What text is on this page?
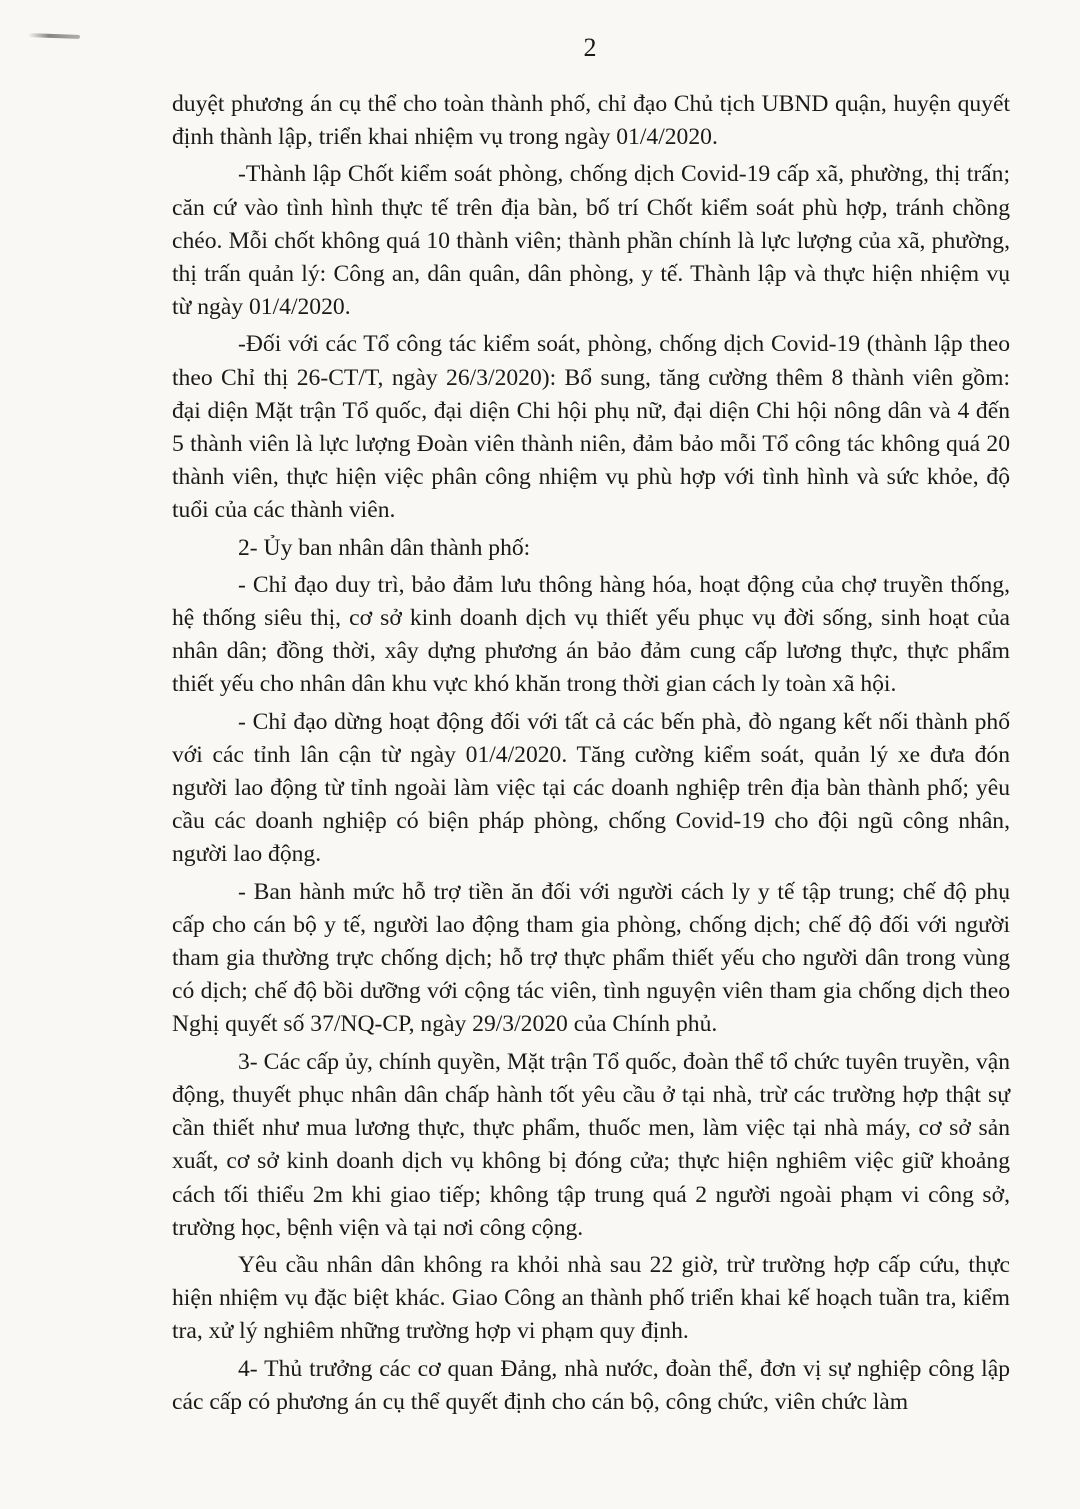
2

duyệt phương án cụ thể cho toàn thành phố, chỉ đạo Chủ tịch UBND quận, huyện quyết định thành lập, triển khai nhiệm vụ trong ngày 01/4/2020.

-Thành lập Chốt kiểm soát phòng, chống dịch Covid-19 cấp xã, phường, thị trấn; căn cứ vào tình hình thực tế trên địa bàn, bố trí Chốt kiểm soát phù hợp, tránh chồng chéo. Mỗi chốt không quá 10 thành viên; thành phần chính là lực lượng của xã, phường, thị trấn quản lý: Công an, dân quân, dân phòng, y tế. Thành lập và thực hiện nhiệm vụ từ ngày 01/4/2020.

-Đối với các Tổ công tác kiểm soát, phòng, chống dịch Covid-19 (thành lập theo theo Chỉ thị 26-CT/T, ngày 26/3/2020): Bổ sung, tăng cường thêm 8 thành viên gồm: đại diện Mặt trận Tổ quốc, đại diện Chi hội phụ nữ, đại diện Chi hội nông dân và 4 đến 5 thành viên là lực lượng Đoàn viên thành niên, đảm bảo mỗi Tổ công tác không quá 20 thành viên, thực hiện việc phân công nhiệm vụ phù hợp với tình hình và sức khỏe, độ tuổi của các thành viên.

2- Ủy ban nhân dân thành phố:

- Chỉ đạo duy trì, bảo đảm lưu thông hàng hóa, hoạt động của chợ truyền thống, hệ thống siêu thị, cơ sở kinh doanh dịch vụ thiết yếu phục vụ đời sống, sinh hoạt của nhân dân; đồng thời, xây dựng phương án bảo đảm cung cấp lương thực, thực phẩm thiết yếu cho nhân dân khu vực khó khăn trong thời gian cách ly toàn xã hội.

- Chỉ đạo dừng hoạt động đối với tất cả các bến phà, đò ngang kết nối thành phố với các tỉnh lân cận từ ngày 01/4/2020. Tăng cường kiểm soát, quản lý xe đưa đón người lao động từ tỉnh ngoài làm việc tại các doanh nghiệp trên địa bàn thành phố; yêu cầu các doanh nghiệp có biện pháp phòng, chống Covid-19 cho đội ngũ công nhân, người lao động.

- Ban hành mức hỗ trợ tiền ăn đối với người cách ly y tế tập trung; chế độ phụ cấp cho cán bộ y tế, người lao động tham gia phòng, chống dịch; chế độ đối với người tham gia thường trực chống dịch; hỗ trợ thực phẩm thiết yếu cho người dân trong vùng có dịch; chế độ bồi dưỡng với cộng tác viên, tình nguyện viên tham gia chống dịch theo Nghị quyết số 37/NQ-CP, ngày 29/3/2020 của Chính phủ.

3- Các cấp ủy, chính quyền, Mặt trận Tổ quốc, đoàn thể tổ chức tuyên truyền, vận động, thuyết phục nhân dân chấp hành tốt yêu cầu ở tại nhà, trừ các trường hợp thật sự cần thiết như mua lương thực, thực phẩm, thuốc men, làm việc tại nhà máy, cơ sở sản xuất, cơ sở kinh doanh dịch vụ không bị đóng cửa; thực hiện nghiêm việc giữ khoảng cách tối thiểu 2m khi giao tiếp; không tập trung quá 2 người ngoài phạm vi công sở, trường học, bệnh viện và tại nơi công cộng.

Yêu cầu nhân dân không ra khỏi nhà sau 22 giờ, trừ trường hợp cấp cứu, thực hiện nhiệm vụ đặc biệt khác. Giao Công an thành phố triển khai kế hoạch tuần tra, kiểm tra, xử lý nghiêm những trường hợp vi phạm quy định.

4- Thủ trưởng các cơ quan Đảng, nhà nước, đoàn thể, đơn vị sự nghiệp công lập các cấp có phương án cụ thể quyết định cho cán bộ, công chức, viên chức làm
